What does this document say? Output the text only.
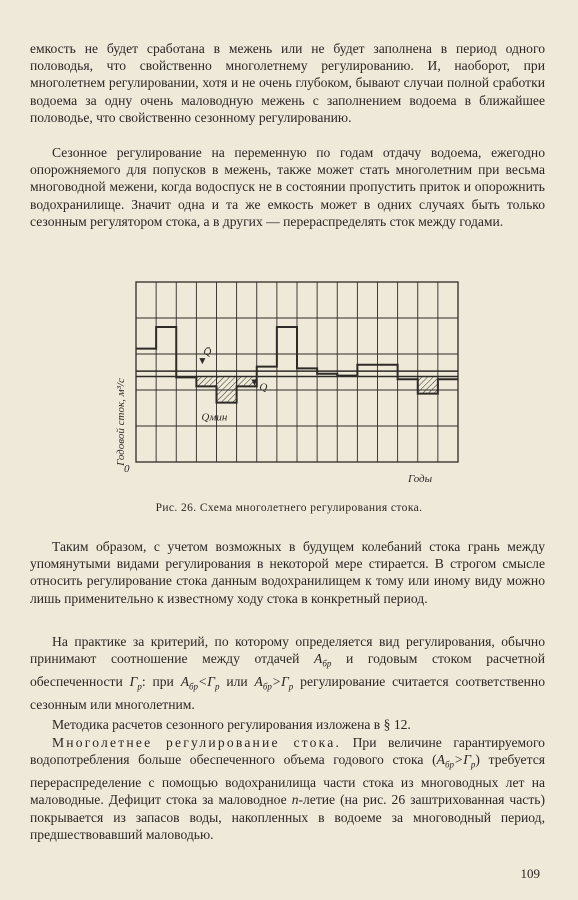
емкость не будет сработана в межень или не будет заполнена в период одного половодья, что свойственно многолетнему регулированию. И, наоборот, при многолетнем регулировании, хотя и не очень глубоком, бывают случаи полной сработки водоема за одну очень маловодную межень с заполнением водоема в ближайшее половодье, что свойственно сезонному регулированию.

Сезонное регулирование на переменную по годам отдачу водоема, ежегодно опорожняемого для попусков в межень, также может стать многолетним при весьма многоводной межени, когда водоспуск не в состоянии пропустить приток и опорожнить водохранилище. Значит одна и та же емкость может в одних случаях быть только сезонным регулятором стока, а в других — перераспределять сток между годами.

0
Годы
Годовой сток, м³/с
Q̄
Q
Qмин
Рис. 26. Схема многолетнего регулирования стока.

Таким образом, с учетом возможных в будущем колебаний стока грань между упомянутыми видами регулирования в некоторой мере стирается. В строгом смысле относить регулирование стока данным водохранилищем к тому или иному виду можно лишь применительно к известному ходу стока в конкретный период.

На практике за критерий, по которому определяется вид регулирования, обычно принимают соотношение между отдачей $A_{бр}$ и годовым стоком расчетной обеспеченности $\Gamma_р$: при $A_{бр}<\Gamma_р$ или $A_{бр}>\Gamma_р$ регулирование считается соответственно сезонным или многолетним.

Методика расчетов сезонного регулирования изложена в § 12.

Многолетнее регулирование стока. При величине гарантируемого водопотребления больше обеспеченного объема годового стока $(A_{бр}>\Gamma_р)$ требуется перераспределение с помощью водохранилища части стока из многоводных лет на маловодные. Дефицит стока за маловодное n-летие (на рис. 26 заштрихованная часть) покрывается из запасов воды, накопленных в водоеме за многоводный период, предшествовавший маловодью.

109
